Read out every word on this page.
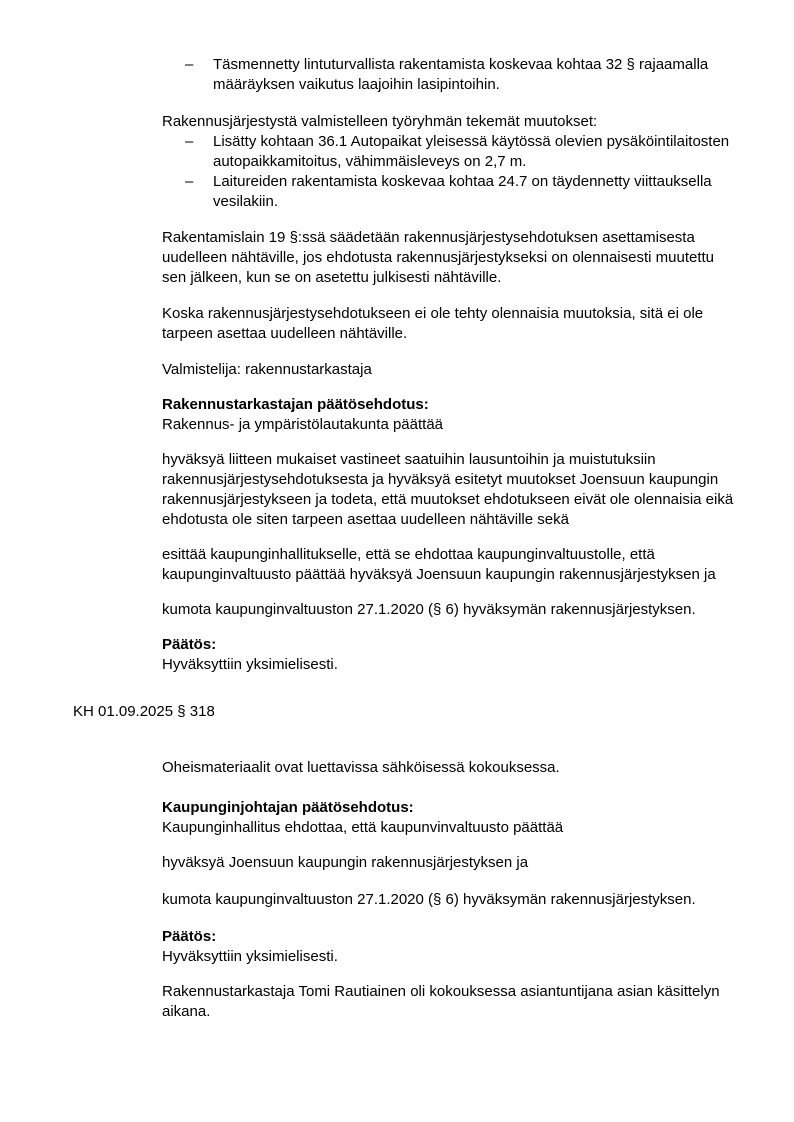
–	Täsmennetty lintuturvallista rakentamista koskevaa kohtaa 32 § rajaamalla määräyksen vaikutus laajoihin lasipintoihin.

Rakennusjärjestystä valmistelleen työryhmän tekemät muutokset:

–	Lisätty kohtaan 36.1 Autopaikat yleisessä käytössä olevien pysäköintilaitosten autopaikkamitoitus, vähimmäisleveys on 2,7 m.
–	Laitureiden rakentamista koskevaa kohtaa 24.7 on täydennetty viittauksella vesilakiin.

Rakentamislain 19 §:ssä säädetään rakennusjärjestysehdotuksen asettamisesta uudelleen nähtäville, jos ehdotusta rakennusjärjestykseksi on olennaisesti muutettu sen jälkeen, kun se on asetettu julkisesti nähtäville.

Koska rakennusjärjestysehdotukseen ei ole tehty olennaisia muutoksia, sitä ei ole tarpeen asettaa uudelleen nähtäville.

Valmistelija: rakennustarkastaja

Rakennustarkastajan päätösehdotus:

Rakennus- ja ympäristölautakunta päättää

hyväksyä liitteen mukaiset vastineet saatuihin lausuntoihin ja muistutuksiin rakennusjärjestysehdotuksesta ja hyväksyä esitetyt muutokset Joensuun kaupungin rakennusjärjestykseen ja todeta, että muutokset ehdotukseen eivät ole olennaisia eikä ehdotusta ole siten tarpeen asettaa uudelleen nähtäville sekä

esittää kaupunginhallitukselle, että se ehdottaa kaupunginvaltuustolle, että kaupunginvaltuusto päättää hyväksyä Joensuun kaupungin rakennusjärjestyksen ja

kumota kaupunginvaltuuston 27.1.2020 (§ 6) hyväksymän rakennusjärjestyksen.

Päätös:

Hyväksyttiin yksimielisesti.

KH 01.09.2025 § 318

Oheismateriaalit ovat luettavissa sähköisessä kokouksessa.

Kaupunginjohtajan päätösehdotus:

Kaupunginhallitus ehdottaa, että kaupunvinvaltuusto päättää

hyväksyä Joensuun kaupungin rakennusjärjestyksen ja

kumota kaupunginvaltuuston 27.1.2020 (§ 6) hyväksymän rakennusjärjestyksen.

Päätös:

Hyväksyttiin yksimielisesti.

Rakennustarkastaja Tomi Rautiainen oli kokouksessa asiantuntijana asian käsittelyn aikana.
